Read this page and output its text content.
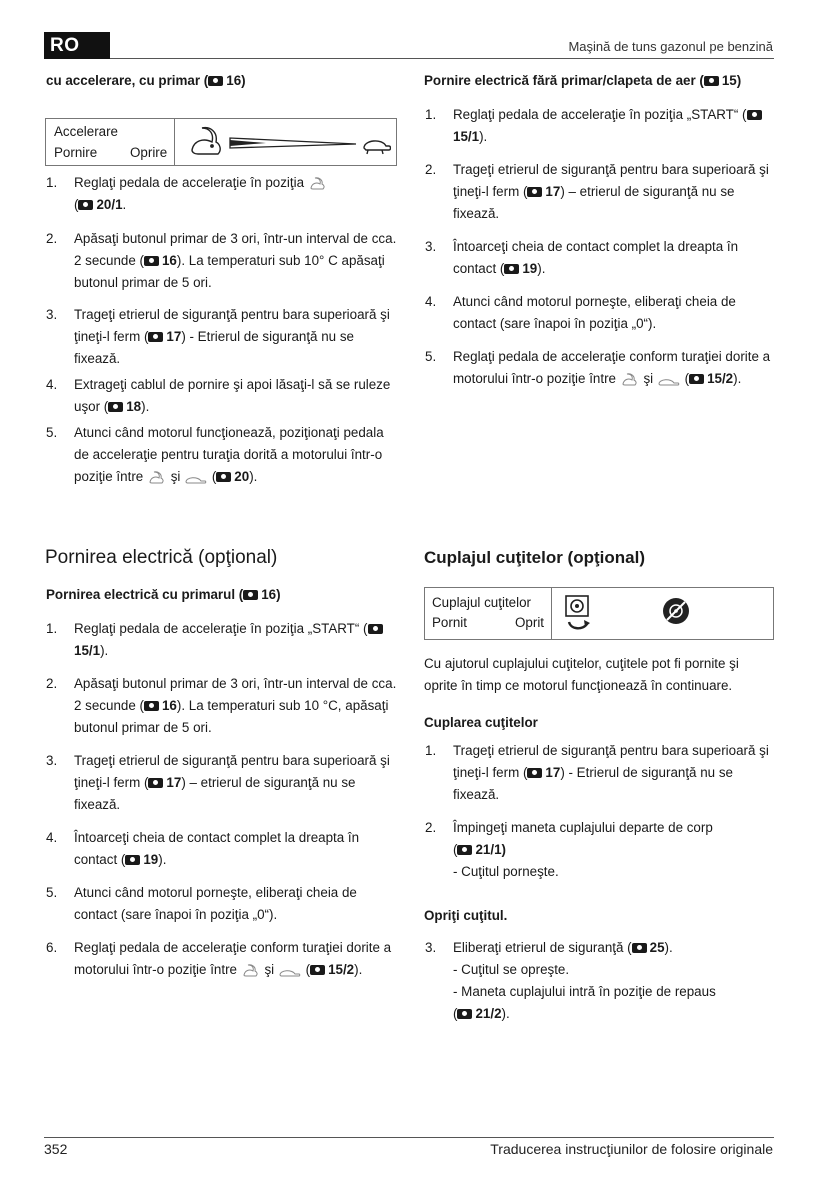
RO	Maşină de tuns gazonul pe benzină
cu accelerare, cu primar ( 16)
Accelerare
Pornire Oprire
1. Reglaţi pedala de acceleraţie în poziţia
( 20/1.
2. Apăsaţi butonul primar de 3 ori, într-un interval de cca. 2 secunde ( 16). La temperaturi sub 10° C apăsaţi butonul primar de 5 ori.
3. Trageţi etrierul de siguranţă pentru bara superioară şi ţineţi-l ferm ( 17) - Etrierul de siguranţă nu se fixează.
4. Extrageţi cablul de pornire şi apoi lăsaţi-l să se ruleze uşor ( 18).
5. Atunci când motorul funcţionează, poziţionaţi pedala de acceleraţie pentru turaţia dorită a motorului într-o poziţie între şi  ( 20).
Pornire electrică fără primar/clapeta de aer ( 15)
1. Reglaţi pedala de acceleraţie în poziţia „START“ (15/1).
2. Trageţi etrierul de siguranţă pentru bara superioară şi ţineţi-l ferm ( 17) – etrierul de siguranţă nu se fixează.
3. Întoarceţi cheia de contact complet la dreapta în contact ( 19).
4. Atunci când motorul porneşte, eliberaţi cheia de contact (sare înapoi în poziţia „0“).
5. Reglaţi pedala de acceleraţie conform turaţiei dorite a motorului într-o poziţie între şi  ( 15/2).
Pornirea electrică (opţional)
Pornirea electrică cu primarul ( 16)
1. Reglaţi pedala de acceleraţie în poziţia „START“ (15/1).
2. Apăsaţi butonul primar de 3 ori, într-un interval de cca. 2 secunde ( 16). La temperaturi sub 10 °C, apăsaţi butonul primar de 5 ori.
3. Trageţi etrierul de siguranţă pentru bara superioară şi ţineţi-l ferm ( 17) – etrierul de siguranţă nu se fixează.
4. Întoarceţi cheia de contact complet la dreapta în contact ( 19).
5. Atunci când motorul porneşte, eliberaţi cheia de contact (sare înapoi în poziţia „0“).
6. Reglaţi pedala de acceleraţie conform turaţiei dorite a motorului într-o poziţie între şi  ( 15/2).
Cuplajul cuţitelor (opţional)
Cuplajul cuţitelor
Pornit	Oprit

Cu ajutorul cuplajului cuţitelor, cuţitele pot fi pornite şi oprite în timp ce motorul funcţionează în continuare.

Cuplarea cuţitelor
1. Trageţi etrierul de siguranţă pentru bara superioară şi ţineţi-l ferm ( 17) - Etrierul de siguranţă nu se fixează.
2. Împingeţi maneta cuplajului departe de corp
( 21/1)
- Cuţitul porneşte.
Opriţi cuţitul.
3. Eliberaţi etrierul de siguranţă ( 25).
- Cuţitul se opreşte.
- Maneta cuplajului intră în poziţie de repaus
( 21/2).
352	Traducerea instrucţiunilor de folosire originale
